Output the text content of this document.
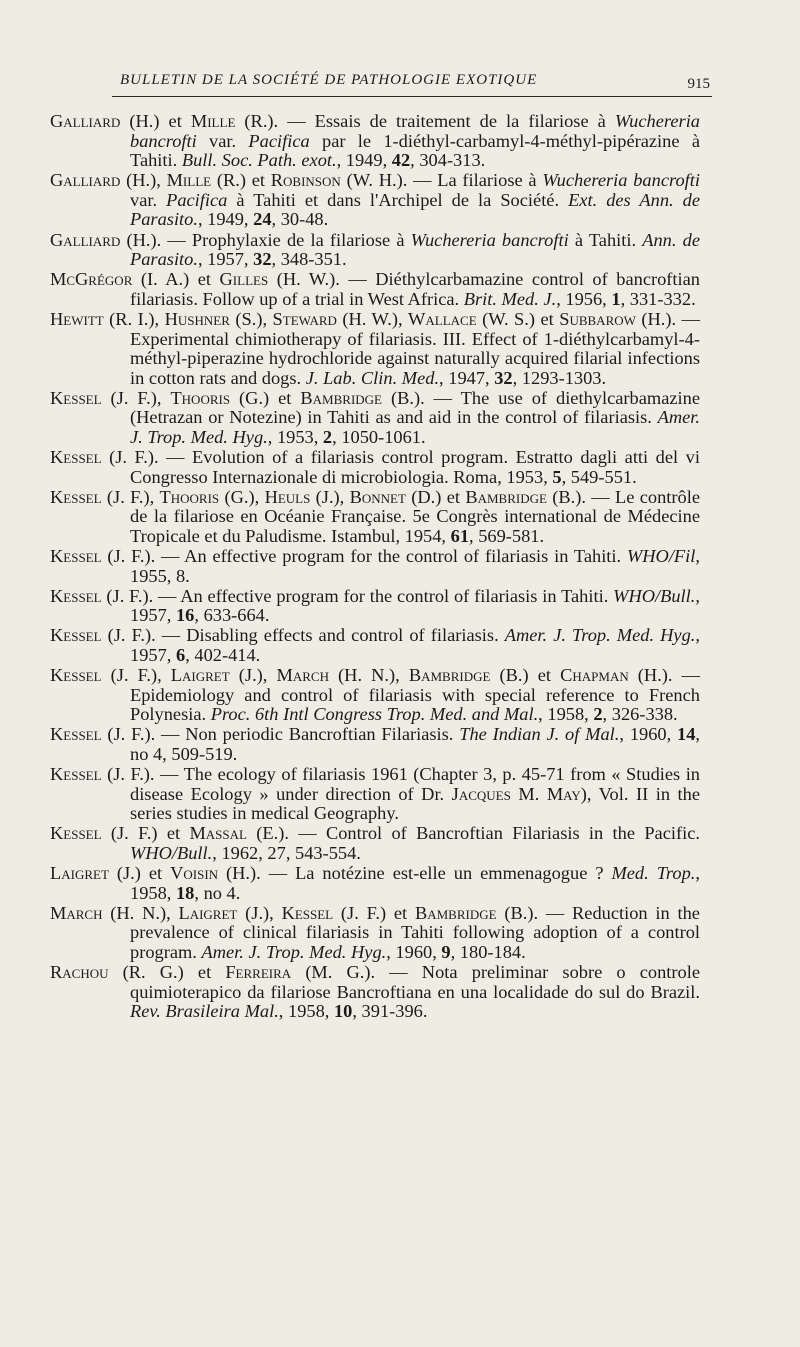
BULLETIN DE LA SOCIÉTÉ DE PATHOLOGIE EXOTIQUE	915

Galliard (H.) et Mille (R.). — Essais de traitement de la filariose à Wuchereria bancrofti var. Pacifica par le 1-diéthyl-carbamyl-4-méthyl-pipérazine à Tahiti. Bull. Soc. Path. exot., 1949, 42, 304-313.

Galliard (H.), Mille (R.) et Robinson (W. H.). — La filariose à Wuchereria bancrofti var. Pacifica à Tahiti et dans l'Archipel de la Société. Ext. des Ann. de Parasito., 1949, 24, 30-48.

Galliard (H.). — Prophylaxie de la filariose à Wuchereria bancrofti à Tahiti. Ann. de Parasito., 1957, 32, 348-351.

McGrégor (I. A.) et Gilles (H. W.). — Diéthylcarbamazine control of bancroftian filariasis. Follow up of a trial in West Africa. Brit. Med. J., 1956, 1, 331-332.

Hewitt (R. I.), Hushner (S.), Steward (H. W.), Wallace (W. S.) et Subbarow (H.). — Experimental chimiotherapy of filariasis. III. Effect of 1-diéthylcarbamyl-4-méthyl-piperazine hydrochloride against naturally acquired filarial infections in cotton rats and dogs. J. Lab. Clin. Med., 1947, 32, 1293-1303.

Kessel (J. F.), Thooris (G.) et Bambridge (B.). — The use of diethylcarbamazine (Hetrazan or Notezine) in Tahiti as and aid in the control of filariasis. Amer. J. Trop. Med. Hyg., 1953, 2, 1050-1061.

Kessel (J. F.). — Evolution of a filariasis control program. Estratto dagli atti del vi Congresso Internazionale di microbiologia. Roma, 1953, 5, 549-551.

Kessel (J. F.), Thooris (G.), Heuls (J.), Bonnet (D.) et Bambridge (B.). — Le contrôle de la filariose en Océanie Française. 5e Congrès international de Médecine Tropicale et du Paludisme. Istambul, 1954, 61, 569-581.

Kessel (J. F.). — An effective program for the control of filariasis in Tahiti. WHO/Fil, 1955, 8.

Kessel (J. F.). — An effective program for the control of filariasis in Tahiti. WHO/Bull., 1957, 16, 633-664.

Kessel (J. F.). — Disabling effects and control of filariasis. Amer. J. Trop. Med. Hyg., 1957, 6, 402-414.

Kessel (J. F.), Laigret (J.), March (H. N.), Bambridge (B.) et Chapman (H.). — Epidemiology and control of filariasis with special reference to French Polynesia. Proc. 6th Intl Congress Trop. Med. and Mal., 1958, 2, 326-338.

Kessel (J. F.). — Non periodic Bancroftian Filariasis. The Indian J. of Mal., 1960, 14, no 4, 509-519.

Kessel (J. F.). — The ecology of filariasis 1961 (Chapter 3, p. 45-71 from « Studies in disease Ecology » under direction of Dr. Jacques M. May), Vol. II in the series studies in medical Geography.

Kessel (J. F.) et Massal (E.). — Control of Bancroftian Filariasis in the Pacific. WHO/Bull., 1962, 27, 543-554.

Laigret (J.) et Voisin (H.). — La notézine est-elle un emmenagogue ? Med. Trop., 1958, 18, no 4.

March (H. N.), Laigret (J.), Kessel (J. F.) et Bambridge (B.). — Reduction in the prevalence of clinical filariasis in Tahiti following adoption of a control program. Amer. J. Trop. Med. Hyg., 1960, 9, 180-184.

Rachou (R. G.) et Ferreira (M. G.). — Nota preliminar sobre o controle quimioterapico da filariose Bancroftiana en una localidade do sul do Brazil. Rev. Brasileira Mal., 1958, 10, 391-396.
